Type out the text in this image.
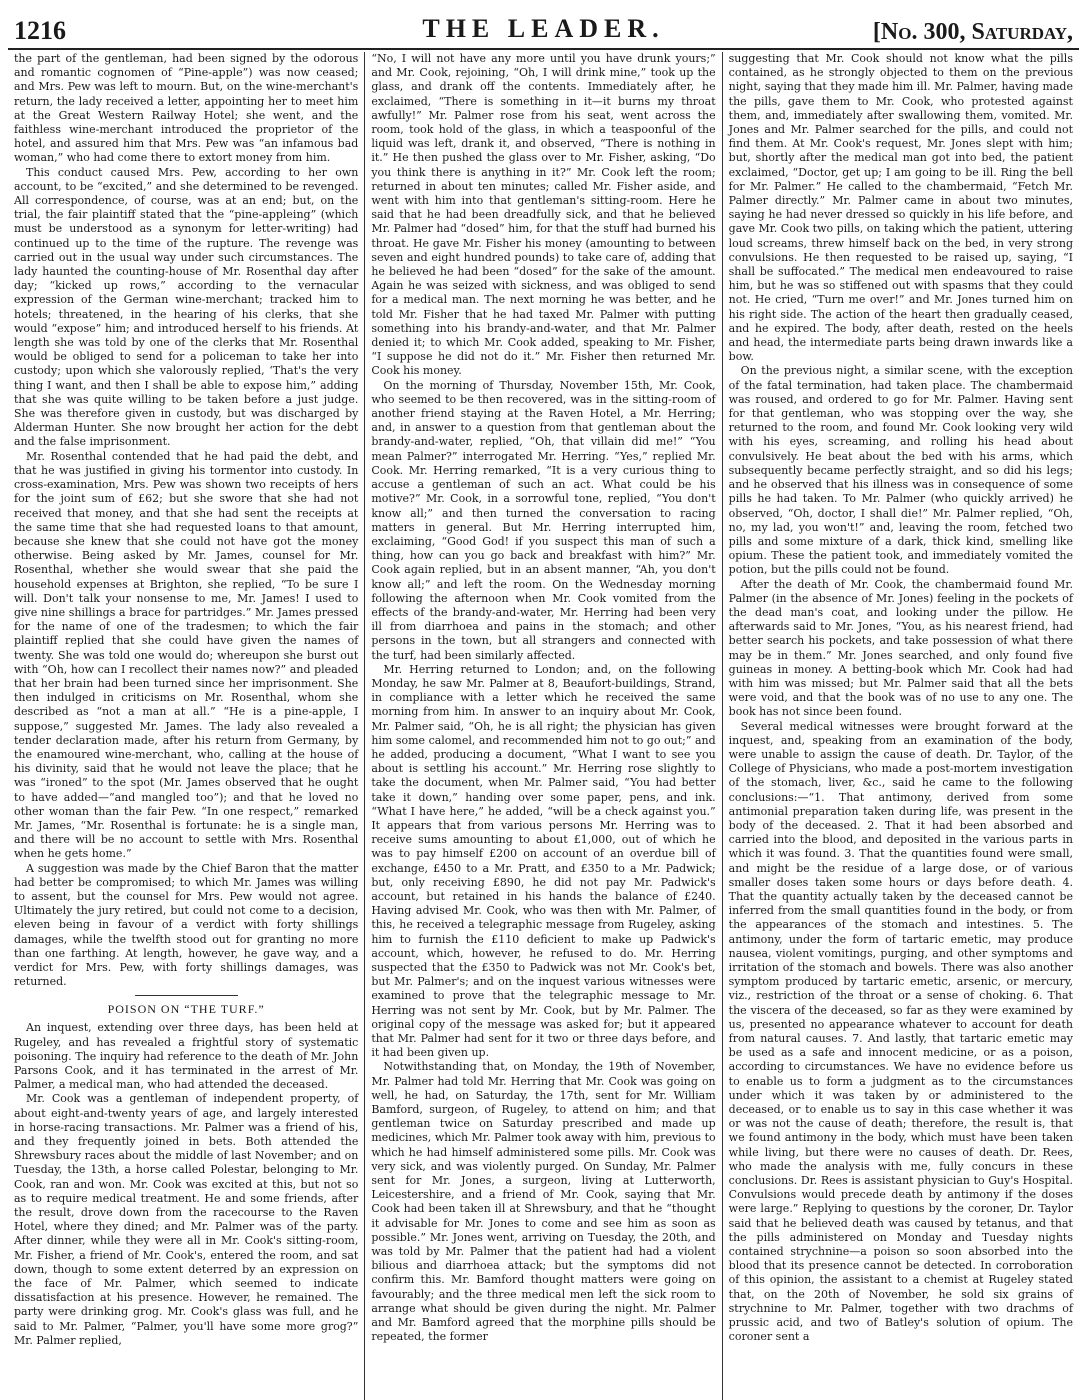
1216	THE LEADER.	[No. 300, Saturday,

the part of the gentleman, had been signed by the odorous and romantic cognomen of “Pine-apple”) was now ceased; and Mrs. Pew was left to mourn. But, on the wine-merchant's return, the lady received a letter, appointing her to meet him at the Great Western Railway Hotel; she went, and the faithless wine-merchant introduced the proprietor of the hotel, and assured him that Mrs. Pew was “an infamous bad woman,” who had come there to extort money from him.

This conduct caused Mrs. Pew, according to her own account, to be “excited,” and she determined to be revenged. All correspondence, of course, was at an end; but, on the trial, the fair plaintiff stated that the “pine-appleing” (which must be understood as a synonym for letter-writing) had continued up to the time of the rupture. The revenge was carried out in the usual way under such circumstances. The lady haunted the counting-house of Mr. Rosenthal day after day; “kicked up rows,” according to the vernacular expression of the German wine-merchant; tracked him to hotels; threatened, in the hearing of his clerks, that she would “expose” him; and introduced herself to his friends. At length she was told by one of the clerks that Mr. Rosenthal would be obliged to send for a policeman to take her into custody; upon which she valorously replied, ‘That's the very thing I want, and then I shall be able to expose him,” adding that she was quite willing to be taken before a just judge. She was therefore given in custody, but was discharged by Alderman Hunter. She now brought her action for the debt and the false imprisonment.

Mr. Rosenthal contended that he had paid the debt, and that he was justified in giving his tormentor into custody. In cross-examination, Mrs. Pew was shown two receipts of hers for the joint sum of £62; but she swore that she had not received that money, and that she had sent the receipts at the same time that she had requested loans to that amount, because she knew that she could not have got the money otherwise. Being asked by Mr. James, counsel for Mr. Rosenthal, whether she would swear that she paid the household expenses at Brighton, she replied, “To be sure I will. Don't talk your nonsense to me, Mr. James! I used to give nine shillings a brace for partridges.” Mr. James pressed for the name of one of the tradesmen; to which the fair plaintiff replied that she could have given the names of twenty. She was told one would do; whereupon she burst out with “Oh, how can I recollect their names now?” and pleaded that her brain had been turned since her imprisonment. She then indulged in criticisms on Mr. Rosenthal, whom she described as “not a man at all.” “He is a pine-apple, I suppose,” suggested Mr. James. The lady also revealed a tender declaration made, after his return from Germany, by the enamoured wine-merchant, who, calling at the house of his divinity, said that he would not leave the place; that he was “ironed” to the spot (Mr. James observed that he ought to have added—“and mangled too”); and that he loved no other woman than the fair Pew. “In one respect,” remarked Mr. James, “Mr. Rosenthal is fortunate: he is a single man, and there will be no account to settle with Mrs. Rosenthal when he gets home.”

A suggestion was made by the Chief Baron that the matter had better be compromised; to which Mr. James was willing to assent, but the counsel for Mrs. Pew would not agree. Ultimately the jury retired, but could not come to a decision, eleven being in favour of a verdict with forty shillings damages, while the twelfth stood out for granting no more than one farthing. At length, however, he gave way, and a verdict for Mrs. Pew, with forty shillings damages, was returned.

POISON ON “THE TURF.”

An inquest, extending over three days, has been held at Rugeley, and has revealed a frightful story of systematic poisoning. The inquiry had reference to the death of Mr. John Parsons Cook, and it has terminated in the arrest of Mr. Palmer, a medical man, who had attended the deceased.

Mr. Cook was a gentleman of independent property, of about eight-and-twenty years of age, and largely interested in horse-racing transactions. Mr. Palmer was a friend of his, and they frequently joined in bets. Both attended the Shrewsbury races about the middle of last November; and on Tuesday, the 13th, a horse called Polestar, belonging to Mr. Cook, ran and won. Mr. Cook was excited at this, but not so as to require medical treatment. He and some friends, after the result, drove down from the racecourse to the Raven Hotel, where they dined; and Mr. Palmer was of the party. After dinner, while they were all in Mr. Cook's sitting-room, Mr. Fisher, a friend of Mr. Cook's, entered the room, and sat down, though to some extent deterred by an expression on the face of Mr. Palmer, which seemed to indicate dissatisfaction at his presence. However, he remained. The party were drinking grog. Mr. Cook's glass was full, and he said to Mr. Palmer, “Palmer, you'll have some more grog?” Mr. Palmer replied,

“No, I will not have any more until you have drunk yours;” and Mr. Cook, rejoining, “Oh, I will drink mine,” took up the glass, and drank off the contents. Immediately after, he exclaimed, “There is something in it—it burns my throat awfully!” Mr. Palmer rose from his seat, went across the room, took hold of the glass, in which a teaspoonful of the liquid was left, drank it, and observed, “There is nothing in it.” He then pushed the glass over to Mr. Fisher, asking, “Do you think there is anything in it?” Mr. Cook left the room; returned in about ten minutes; called Mr. Fisher aside, and went with him into that gentleman's sitting-room. Here he said that he had been dreadfully sick, and that he believed Mr. Palmer had “dosed” him, for that the stuff had burned his throat. He gave Mr. Fisher his money (amounting to between seven and eight hundred pounds) to take care of, adding that he believed he had been “dosed” for the sake of the amount. Again he was seized with sickness, and was obliged to send for a medical man. The next morning he was better, and he told Mr. Fisher that he had taxed Mr. Palmer with putting something into his brandy-and-water, and that Mr. Palmer denied it; to which Mr. Cook added, speaking to Mr. Fisher, “I suppose he did not do it.” Mr. Fisher then returned Mr. Cook his money.

On the morning of Thursday, November 15th, Mr. Cook, who seemed to be then recovered, was in the sitting-room of another friend staying at the Raven Hotel, a Mr. Herring; and, in answer to a question from that gentleman about the brandy-and-water, replied, “Oh, that villain did me!” “You mean Palmer?” interrogated Mr. Herring. “Yes,” replied Mr. Cook. Mr. Herring remarked, “It is a very curious thing to accuse a gentleman of such an act. What could be his motive?” Mr. Cook, in a sorrowful tone, replied, “You don't know all;” and then turned the conversation to racing matters in general. But Mr. Herring interrupted him, exclaiming, “Good God! if you suspect this man of such a thing, how can you go back and breakfast with him?” Mr. Cook again replied, but in an absent manner, “Ah, you don't know all;” and left the room. On the Wednesday morning following the afternoon when Mr. Cook vomited from the effects of the brandy-and-water, Mr. Herring had been very ill from diarrhoea and pains in the stomach; and other persons in the town, but all strangers and connected with the turf, had been similarly affected.

Mr. Herring returned to London; and, on the following Monday, he saw Mr. Palmer at 8, Beaufort-buildings, Strand, in compliance with a letter which he received the same morning from him. In answer to an inquiry about Mr. Cook, Mr. Palmer said, “Oh, he is all right; the physician has given him some calomel, and recommended him not to go out;” and he added, producing a document, “What I want to see you about is settling his account.” Mr. Herring rose slightly to take the document, when Mr. Palmer said, “You had better take it down,” handing over some paper, pens, and ink. “What I have here,” he added, “will be a check against you.” It appears that from various persons Mr. Herring was to receive sums amounting to about £1,000, out of which he was to pay himself £200 on account of an overdue bill of exchange, £450 to a Mr. Pratt, and £350 to a Mr. Padwick; but, only receiving £890, he did not pay Mr. Padwick's account, but retained in his hands the balance of £240. Having advised Mr. Cook, who was then with Mr. Palmer, of this, he received a telegraphic message from Rugeley, asking him to furnish the £110 deficient to make up Padwick's account, which, however, he refused to do. Mr. Herring suspected that the £350 to Padwick was not Mr. Cook's bet, but Mr. Palmer's; and on the inquest various witnesses were examined to prove that the telegraphic message to Mr. Herring was not sent by Mr. Cook, but by Mr. Palmer. The original copy of the message was asked for; but it appeared that Mr. Palmer had sent for it two or three days before, and it had been given up.

Notwithstanding that, on Monday, the 19th of November, Mr. Palmer had told Mr. Herring that Mr. Cook was going on well, he had, on Saturday, the 17th, sent for Mr. William Bamford, surgeon, of Rugeley, to attend on him; and that gentleman twice on Saturday prescribed and made up medicines, which Mr. Palmer took away with him, previous to which he had himself administered some pills. Mr. Cook was very sick, and was violently purged. On Sunday, Mr. Palmer sent for Mr. Jones, a surgeon, living at Lutterworth, Leicestershire, and a friend of Mr. Cook, saying that Mr. Cook had been taken ill at Shrewsbury, and that he “thought it advisable for Mr. Jones to come and see him as soon as possible.” Mr. Jones went, arriving on Tuesday, the 20th, and was told by Mr. Palmer that the patient had had a violent bilious and diarrhoea attack; but the symptoms did not confirm this. Mr. Bamford thought matters were going on favourably; and the three medical men left the sick room to arrange what should be given during the night. Mr. Palmer and Mr. Bamford agreed that the morphine pills should be repeated, the former

suggesting that Mr. Cook should not know what the pills contained, as he strongly objected to them on the previous night, saying that they made him ill. Mr. Palmer, having made the pills, gave them to Mr. Cook, who protested against them, and, immediately after swallowing them, vomited. Mr. Jones and Mr. Palmer searched for the pills, and could not find them. At Mr. Cook's request, Mr. Jones slept with him; but, shortly after the medical man got into bed, the patient exclaimed, “Doctor, get up; I am going to be ill. Ring the bell for Mr. Palmer.” He called to the chambermaid, “Fetch Mr. Palmer directly.” Mr. Palmer came in about two minutes, saying he had never dressed so quickly in his life before, and gave Mr. Cook two pills, on taking which the patient, uttering loud screams, threw himself back on the bed, in very strong convulsions. He then requested to be raised up, saying, “I shall be suffocated.” The medical men endeavoured to raise him, but he was so stiffened out with spasms that they could not. He cried, “Turn me over!” and Mr. Jones turned him on his right side. The action of the heart then gradually ceased, and he expired. The body, after death, rested on the heels and head, the intermediate parts being drawn inwards like a bow.

On the previous night, a similar scene, with the exception of the fatal termination, had taken place. The chambermaid was roused, and ordered to go for Mr. Palmer. Having sent for that gentleman, who was stopping over the way, she returned to the room, and found Mr. Cook looking very wild with his eyes, screaming, and rolling his head about convulsively. He beat about the bed with his arms, which subsequently became perfectly straight, and so did his legs; and he observed that his illness was in consequence of some pills he had taken. To Mr. Palmer (who quickly arrived) he observed, “Oh, doctor, I shall die!” Mr. Palmer replied, “Oh, no, my lad, you won't!” and, leaving the room, fetched two pills and some mixture of a dark, thick kind, smelling like opium. These the patient took, and immediately vomited the potion, but the pills could not be found.

After the death of Mr. Cook, the chambermaid found Mr. Palmer (in the absence of Mr. Jones) feeling in the pockets of the dead man's coat, and looking under the pillow. He afterwards said to Mr. Jones, “You, as his nearest friend, had better search his pockets, and take possession of what there may be in them.” Mr. Jones searched, and only found five guineas in money. A betting-book which Mr. Cook had had with him was missed; but Mr. Palmer said that all the bets were void, and that the book was of no use to any one. The book has not since been found.

Several medical witnesses were brought forward at the inquest, and, speaking from an examination of the body, were unable to assign the cause of death. Dr. Taylor, of the College of Physicians, who made a post-mortem investigation of the stomach, liver, &c., said he came to the following conclusions:—“1. That antimony, derived from some antimonial preparation taken during life, was present in the body of the deceased. 2. That it had been absorbed and carried into the blood, and deposited in the various parts in which it was found. 3. That the quantities found were small, and might be the residue of a large dose, or of various smaller doses taken some hours or days before death. 4. That the quantity actually taken by the deceased cannot be inferred from the small quantities found in the body, or from the appearances of the stomach and intestines. 5. The antimony, under the form of tartaric emetic, may produce nausea, violent vomitings, purging, and other symptoms and irritation of the stomach and bowels. There was also another symptom produced by tartaric emetic, arsenic, or mercury, viz., restriction of the throat or a sense of choking. 6. That the viscera of the deceased, so far as they were examined by us, presented no appearance whatever to account for death from natural causes. 7. And lastly, that tartaric emetic may be used as a safe and innocent medicine, or as a poison, according to circumstances. We have no evidence before us to enable us to form a judgment as to the circumstances under which it was taken by or administered to the deceased, or to enable us to say in this case whether it was or was not the cause of death; therefore, the result is, that we found antimony in the body, which must have been taken while living, but there were no causes of death. Dr. Rees, who made the analysis with me, fully concurs in these conclusions. Dr. Rees is assistant physician to Guy's Hospital. Convulsions would precede death by antimony if the doses were large.” Replying to questions by the coroner, Dr. Taylor said that he believed death was caused by tetanus, and that the pills administered on Monday and Tuesday nights contained strychnine—a poison so soon absorbed into the blood that its presence cannot be detected. In corroboration of this opinion, the assistant to a chemist at Rugeley stated that, on the 20th of November, he sold six grains of strychnine to Mr. Palmer, together with two drachms of prussic acid, and two of Batley's solution of opium. The coroner sent a
